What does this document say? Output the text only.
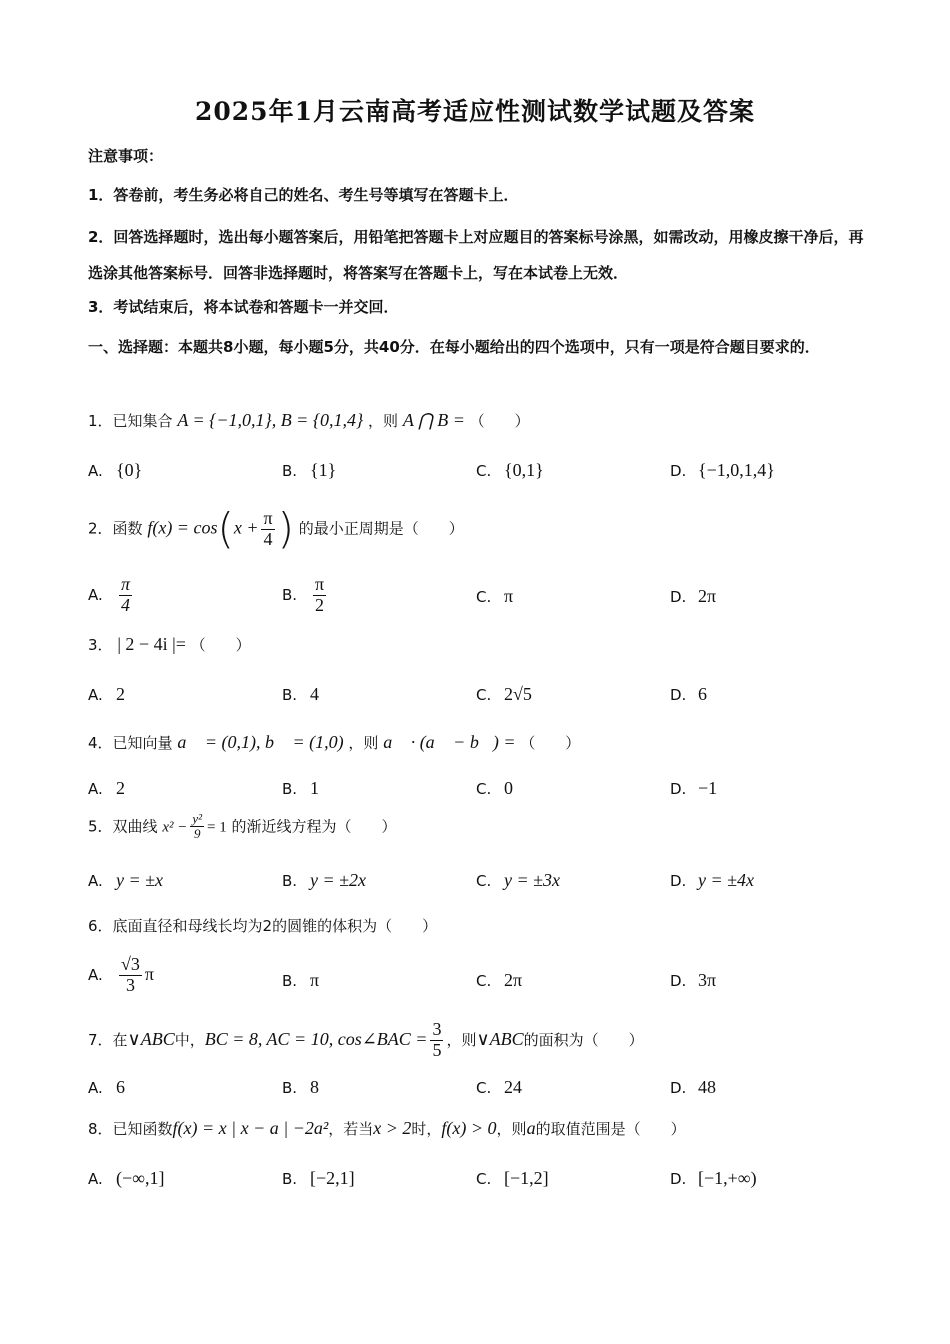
2025年1月云南高考适应性测试数学试题及答案
注意事项：
1．答卷前，考生务必将自己的姓名、考生号等填写在答题卡上．
2．回答选择题时，选出每小题答案后，用铅笔把答题卡上对应题目的答案标号涂黑，如需改动，用橡皮擦干净后，再选涂其他答案标号．回答非选择题时，将答案写在答题卡上，写在本试卷上无效．
3．考试结束后，将本试卷和答题卡一并交回．
一、选择题：本题共8小题，每小题5分，共40分．在每小题给出的四个选项中，只有一项是符合题目要求的．
1．已知集合 A = {−1,0,1}, B = {0,1,4} ，则 A ⋂ B = （　　）
A. {0}	B. {1}	C. {0,1}	D. {−1,0,1,4}
2．函数 $f(x) = \cos(x + \frac{\pi}{4}$ ) 的最小正周期是（　　）
A. $\frac{\pi}{4}$	B. $\frac{\pi}{2}$	C. π	D. 2π
3． | 2 − 4i |= （　　）
A. 2	B. 4	C. 2√5	D. 6
4．已知向量 a⃗ = (0,1), b⃗ = (1,0) ，则 a⃗ · (a⃗ − b⃗) = （　　）
A. 2	B. 1	C. 0	D. −1
5．双曲线 $x^2 - \frac{\text{y²}}{9} = 1$ 的渐近线方程为（　　）
A. y = ±x	B. y = ±2x	C. y = ±3x	D. y = ±4x
6．底面直径和母线长均为2的圆锥的体积为（　　）
A. $\frac{√3}{3}$ π	B. π	C. 2π	D. 3π
7．在∨ABC中，BC = 8, AC = 10, cos∠BAC = $\frac{3}{5}$ ，则∨ABC的面积为（　　）
A. 6	B. 8	C. 24	D. 48
8．已知函数f(x) = x | x − a | −2a²，若当x > 2时，f(x) > 0，则a的取值范围是（　　）
A. (−∞,1]	B. [−2,1]	C. [−1,2]	D. [−1,+∞)
